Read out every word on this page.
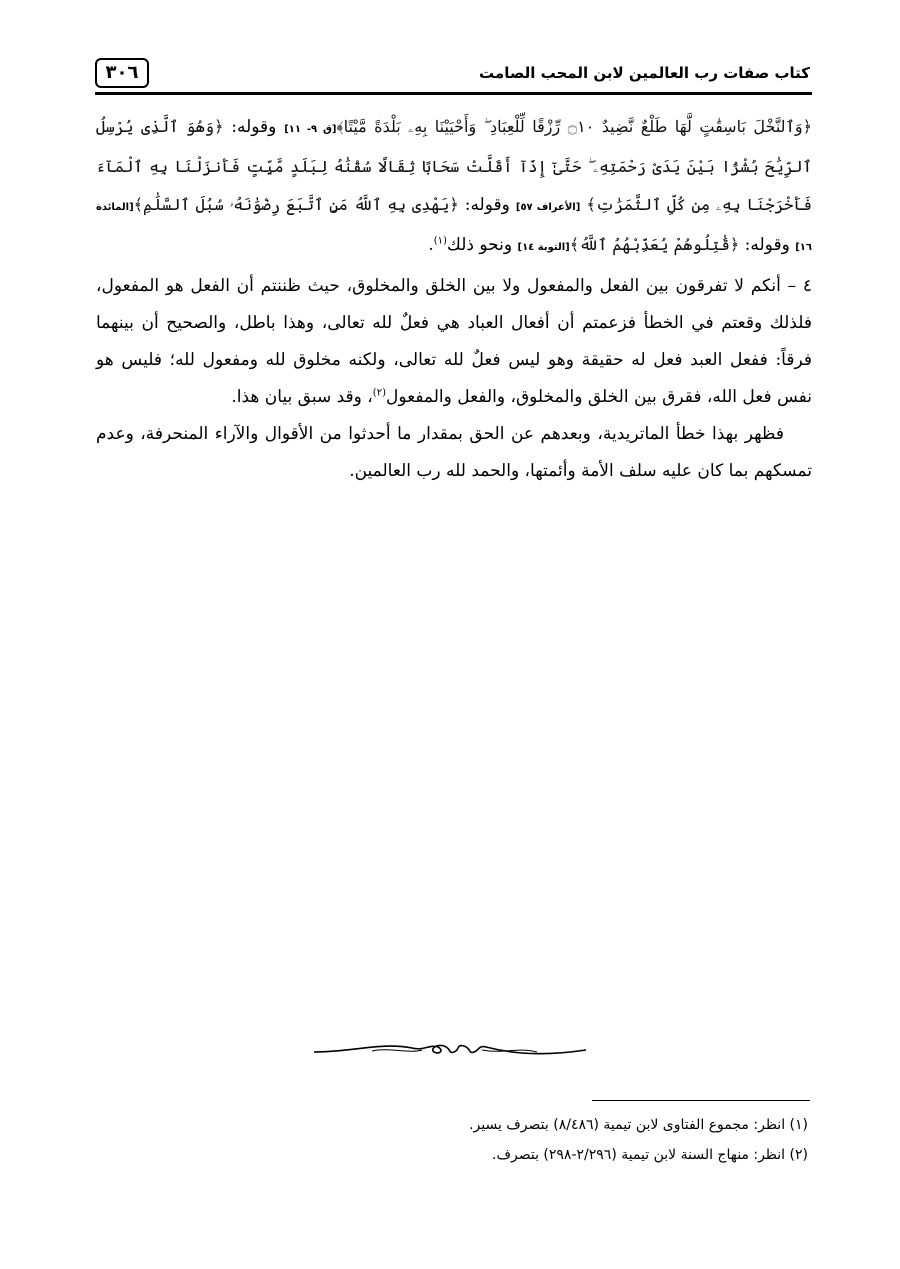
كتاب صفات رب العالمين لابن المحب الصامت
٣٠٦

﴿وَٱلنَّخْلَ بَاسِقَٰتٍ لَّهَا طَلْعٌ نَّضِيدٌ ۝١٠ رِّزْقًا لِّلْعِبَادِ ۖ وَأَحْيَيْنَا بِهِۦ بَلْدَةً مَّيْتًا﴾[ق ٩- ١١] وقوله: ﴿وَهُوَ ٱلَّذِى يُرْسِلُ ٱلرِّيَٰحَ بُشْرًۢا بَيْنَ يَدَىْ رَحْمَتِهِۦ ۖ حَتَّىٰٓ إِذَآ أَقَلَّتْ سَحَابًا ثِقَالًا سُقْنَٰهُ لِبَلَدٍ مَّيِّتٍ فَأَنزَلْنَا بِهِ ٱلْمَآءَ فَأَخْرَجْنَا بِهِۦ مِن كُلِّ ٱلثَّمَرَٰتِ﴾ [الأعراف ٥٧] وقوله: ﴿يَهْدِى بِهِ ٱللَّهُ مَنِ ٱتَّبَعَ رِضْوَٰنَهُۥ سُبُلَ ٱلسَّلَٰمِ﴾[المائدة ١٦] وقوله: ﴿قَٰتِلُوهُمْ يُعَذِّبْهُمُ ٱللَّهُ﴾[التوبة ١٤] ونحو ذلك$^{(١)}$.

٤ – أنكم لا تفرقون بين الفعل والمفعول ولا بين الخلق والمخلوق، حيث ظننتم أن الفعل هو المفعول، فلذلك وقعتم في الخطأ فزعمتم أن أفعال العباد هي فعلٌ لله تعالى، وهذا باطل، والصحيح أن بينهما فرقاً: ففعل العبد فعل له حقيقة وهو ليس فعلٌ لله تعالى، ولكنه مخلوق لله ومفعول لله؛ فليس هو نفس فعل الله، فقرق بين الخلق والمخلوق، والفعل والمفعول$^{(٢)}$، وقد سبق بيان هذا.

فظهر بهذا خطأ الماتريدية، وبعدهم عن الحق بمقدار ما أحدثوا من الأقوال والآراء المنحرفة، وعدم تمسكهم بما كان عليه سلف الأمة وأئمتها، والحمد لله رب العالمين.

(١) انظر: مجموع الفتاوى لابن تيمية (٨/٤٨٦) بتصرف يسير.

(٢) انظر: منهاج السنة لابن تيمية (٢/٢٩٦-٢٩٨) بتصرف.
